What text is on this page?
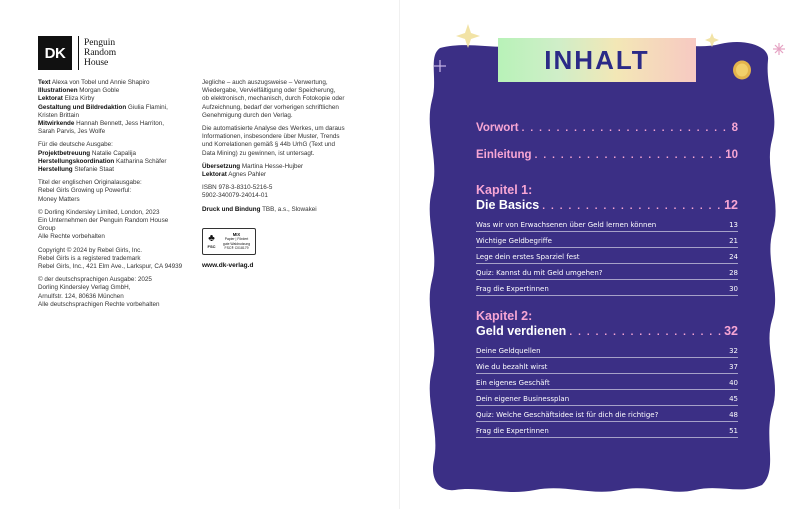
DK
Penguin
Random
House
Text Alexa von Tobel und Annie Shapiro
Illustrationen Morgan Goble
Lektorat Eliza Kirby
Gestaltung und Bildredaktion Giulia Flamini,
Kristen Brittain
Mitwirkende Hannah Bennett, Jess Harriton,
Sarah Parvis, Jes Wolfe
Für die deutsche Ausgabe:
Projektbetreuung Natalie Capalija
Herstellungskoordination Katharina Schäfer
Herstellung Stefanie Staat
Titel der englischen Originalausgabe:
Rebel Girls Growing up Powerful:
Money Matters
© Dorling Kindersley Limited, London, 2023
Ein Unternehmen der Penguin Random House
Group
Alle Rechte vorbehalten
Copyright © 2024 by Rebel Girls, Inc.
Rebel Girls is a registered trademark
Rebel Girls, Inc., 421 Elm Ave., Larkspur, CA 94939
© der deutschsprachigen Ausgabe: 2025
Dorling Kindersley Verlag GmbH,
Arnulfstr. 124, 80636 München
Alle deutschsprachigen Rechte vorbehalten
Jegliche – auch auszugsweise – Verwertung,
Wiedergabe, Vervielfältigung oder Speicherung,
ob elektronisch, mechanisch, durch Fotokopie oder
Aufzeichnung, bedarf der vorherigen schriftlichen
Genehmigung durch den Verlag.
Die automatisierte Analyse des Werkes, um daraus
Informationen, insbesondere über Muster, Trends
und Korrelationen gemäß § 44b UrhG (Text und
Data Mining) zu gewinnen, ist untersagt.
Übersetzung Martina Hesse-Hujber
Lektorat Agnes Pahler
ISBN 978-3-8310-5216-5
5902-340079-24014-01
Druck und Bindung TBB, a.s., Slowakei
♣
FSC
MIX
Papier | Fördert
gute Waldnutzung
FSC® C018179
www.dk-verlag.d
INHALT
Vorwort . . .	8
Einleitung . . .	10
Kapitel 1:
Die Basics . . .	12
Was wir von Erwachsenen über Geld lernen können	13
Wichtige Geldbegriffe	21
Lege dein erstes Sparziel fest	24
Quiz: Kannst du mit Geld umgehen?	28
Frag die Expertinnen	30
Kapitel 2:
Geld verdienen . . .	32
Deine Geldquellen	32
Wie du bezahlt wirst	37
Ein eigenes Geschäft	40
Dein eigener Businessplan	45
Quiz: Welche Geschäftsidee ist für dich die richtige?	48
Frag die Expertinnen	51
